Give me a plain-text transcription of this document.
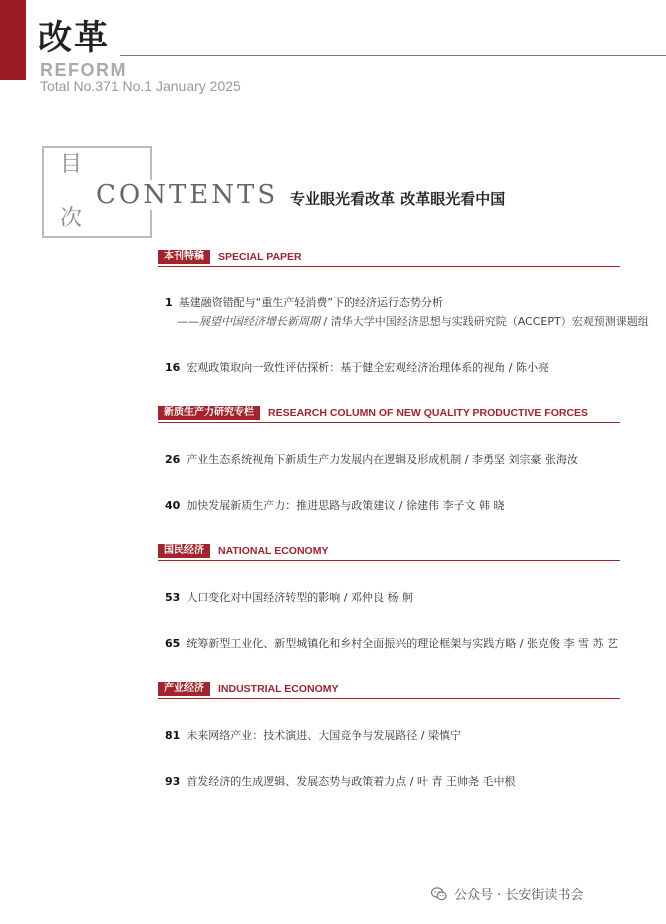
改革
REFORM
Total No.371 No.1 January 2025
目
次
CONTENTS 专业眼光看改革 改革眼光看中国
本刊特稿	SPECIAL PAPER
1 基建融资错配与“重生产轻消费”下的经济运行态势分析
——展望中国经济增长新周期 / 清华大学中国经济思想与实践研究院（ACCEPT）宏观预测课题组
16 宏观政策取向一致性评估探析：基于健全宏观经济治理体系的视角 / 陈小亮
新质生产力研究专栏	RESEARCH COLUMN OF NEW QUALITY PRODUCTIVE FORCES
26 产业生态系统视角下新质生产力发展内在逻辑及形成机制 / 李勇坚 刘宗豪 张海汝
40 加快发展新质生产力：推进思路与政策建议 / 徐建伟 李子文 韩 晓
国民经济	NATIONAL ECONOMY
53 人口变化对中国经济转型的影响 / 邓仲良 杨 舸
65 统筹新型工业化、新型城镇化和乡村全面振兴的理论框架与实践方略 / 张克俊 李 雪 苏 艺
产业经济	INDUSTRIAL ECONOMY
81 未来网络产业：技术演进、大国竞争与发展路径 / 梁慎宁
93 首发经济的生成逻辑、发展态势与政策着力点 / 叶 青 王帅尧 毛中根
公众号 · 长安街读书会
